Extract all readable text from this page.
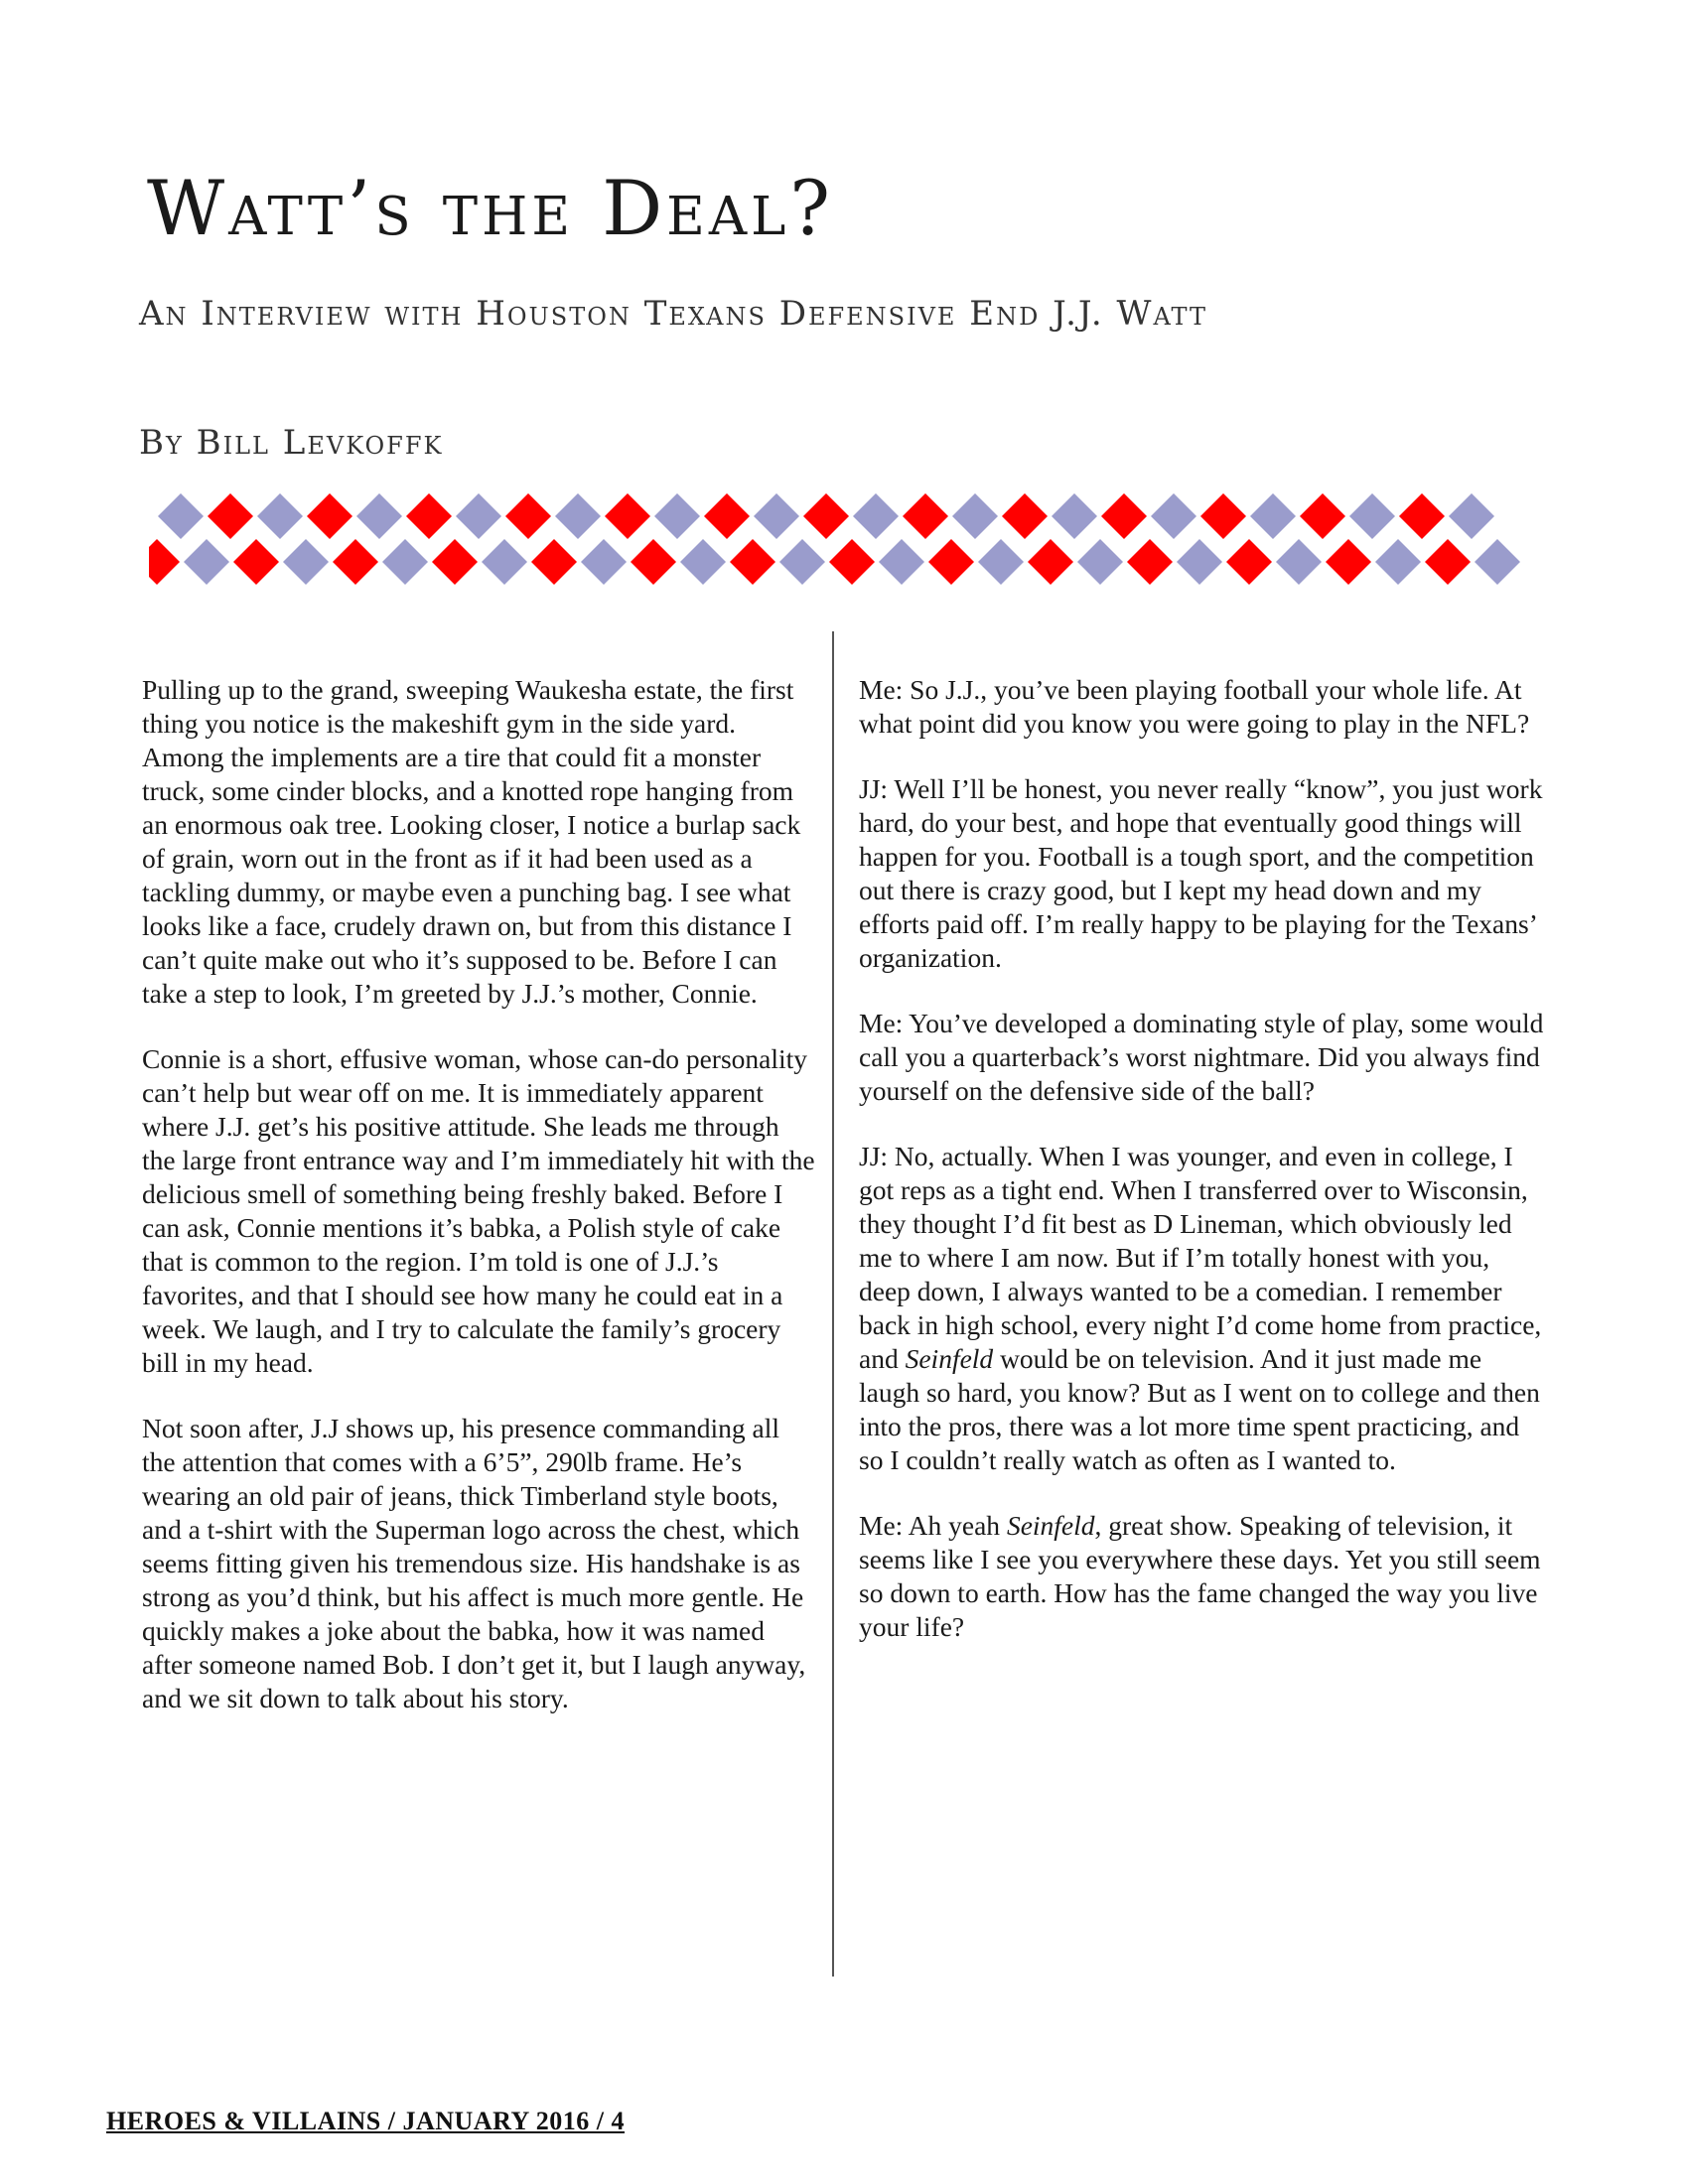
Watt’s the Deal?
An Interview with Houston Texans Defensive End J.J. Watt
By Bill Levkoffk

Pulling up to the grand, sweeping Waukesha estate, the first thing you notice is the makeshift gym in the side yard. Among the implements are a tire that could fit a monster truck, some cinder blocks, and a knotted rope hanging from an enormous oak tree. Looking closer, I notice a burlap sack of grain, worn out in the front as if it had been used as a tackling dummy, or maybe even a punching bag. I see what looks like a face, crudely drawn on, but from this distance I can’t quite make out who it’s supposed to be. Before I can take a step to look, I’m greeted by J.J.’s mother, Connie.

Connie is a short, effusive woman, whose can-do personality can’t help but wear off on me. It is immediately apparent where J.J. get’s his positive attitude. She leads me through the large front entrance way and I’m immediately hit with the delicious smell of something being freshly baked. Before I can ask, Connie mentions it’s babka, a Polish style of cake that is common to the region. I’m told is one of J.J.’s favorites, and that I should see how many he could eat in a week. We laugh, and I try to calculate the family’s grocery bill in my head.

Not soon after, J.J shows up, his presence commanding all the attention that comes with a 6’5”, 290lb frame. He’s wearing an old pair of jeans, thick Timberland style boots, and a t-shirt with the Superman logo across the chest, which seems fitting given his tremendous size. His handshake is as strong as you’d think, but his affect is much more gentle. He quickly makes a joke about the babka, how it was named after someone named Bob. I don’t get it, but I laugh anyway, and we sit down to talk about his story.

Me: So J.J., you’ve been playing football your whole life. At what point did you know you were going to play in the NFL?

JJ: Well I’ll be honest, you never really “know”, you just work hard, do your best, and hope that eventually good things will happen for you. Football is a tough sport, and the competition out there is crazy good, but I kept my head down and my efforts paid off. I’m really happy to be playing for the Texans’ organization.

Me: You’ve developed a dominating style of play, some would call you a quarterback’s worst nightmare. Did you always find yourself on the defensive side of the ball?

JJ: No, actually. When I was younger, and even in college, I got reps as a tight end. When I transferred over to Wisconsin, they thought I’d fit best as D Lineman, which obviously led me to where I am now. But if I’m totally honest with you, deep down, I always wanted to be a comedian. I remember back in high school, every night I’d come home from practice, and Seinfeld would be on television. And it just made me laugh so hard, you know? But as I went on to college and then into the pros, there was a lot more time spent practicing, and so I couldn’t really watch as often as I wanted to.

Me: Ah yeah Seinfeld, great show. Speaking of television, it seems like I see you everywhere these days. Yet you still seem so down to earth. How has the fame changed the way you live your life?

HEROES & VILLAINS / JANUARY 2016 / 4
